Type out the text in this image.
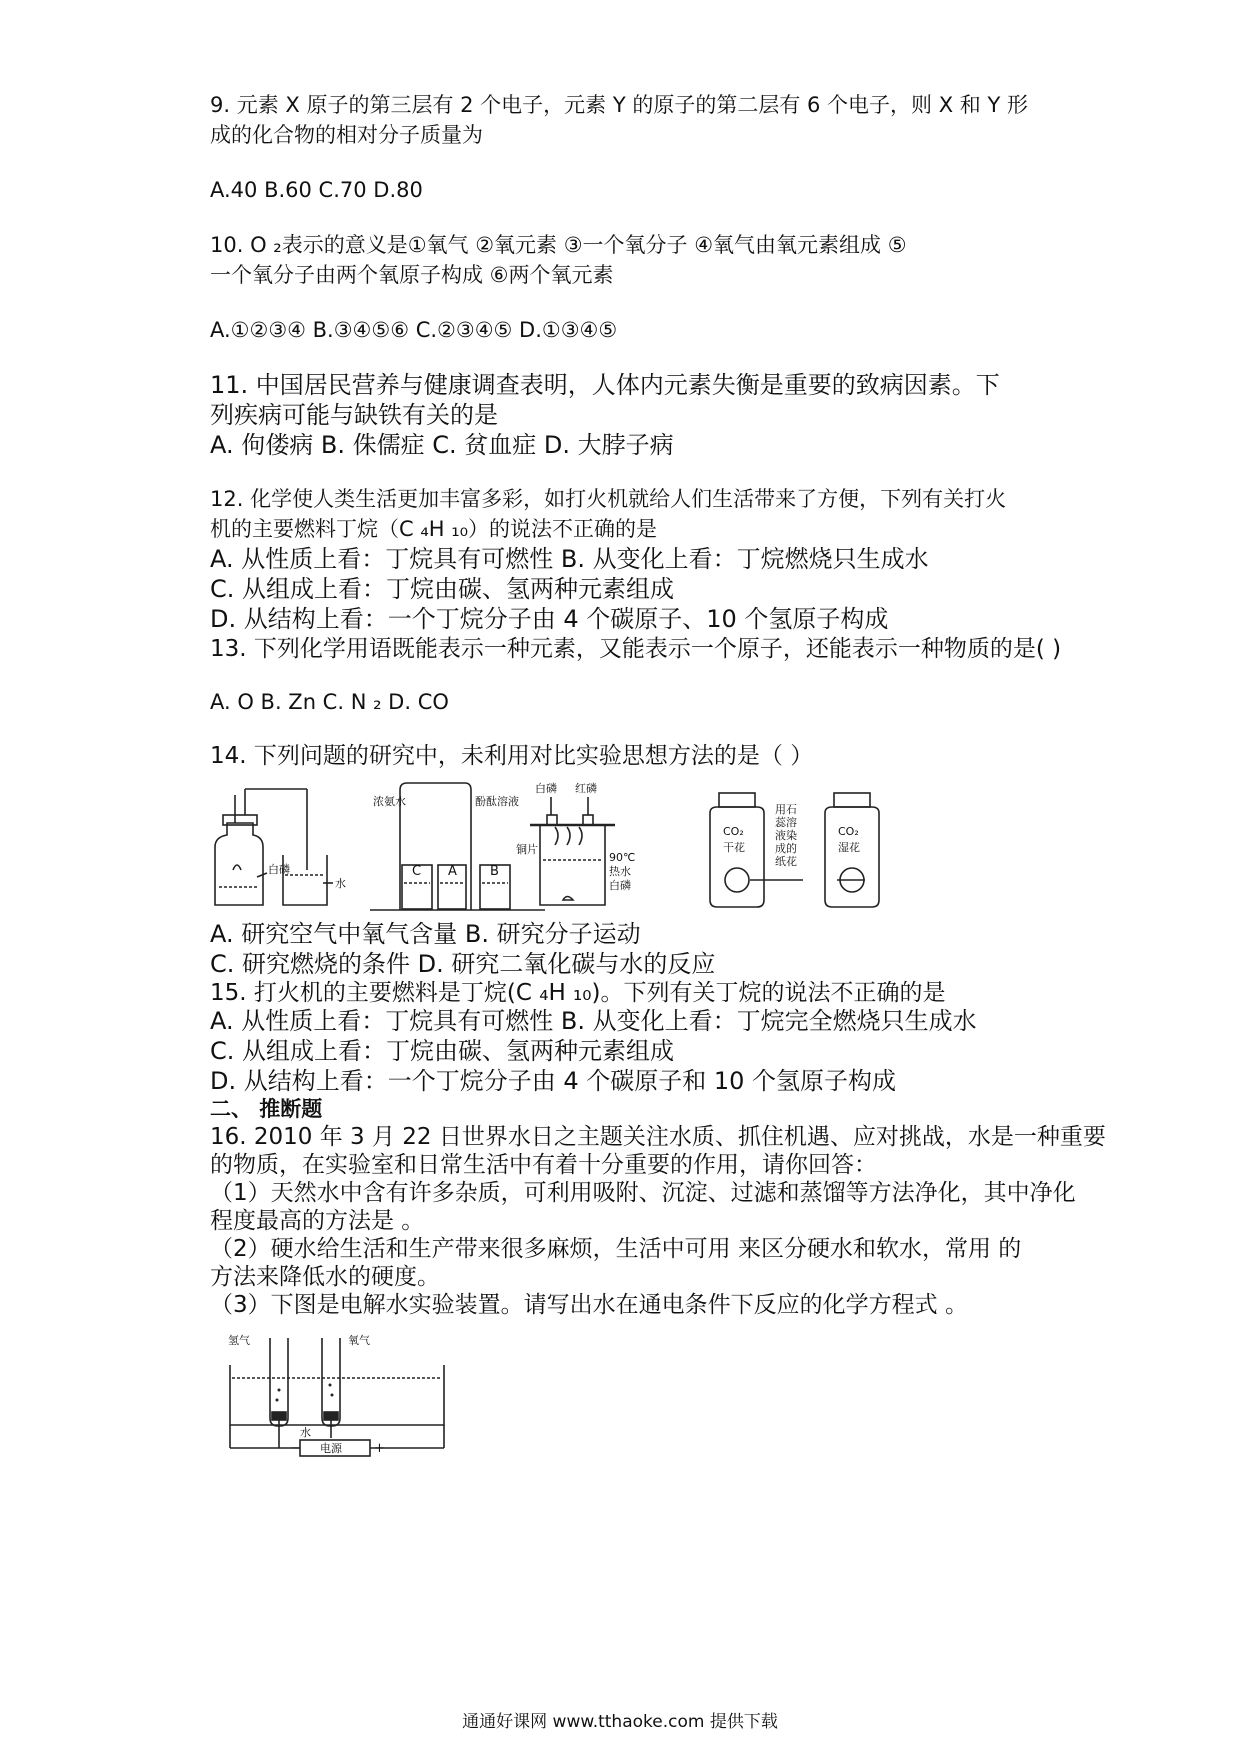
9. 元素 X 原子的第三层有 2 个电子，元素 Y 的原子的第二层有 6 个电子，则 X 和 Y 形
成的化合物的相对分子质量为
A.40 B.60 C.70 D.80
10. O ₂表示的意义是①氧气 ②氧元素 ③一个氧分子 ④氧气由氧元素组成 ⑤
一个氧分子由两个氧原子构成 ⑥两个氧元素
A.①②③④ B.③④⑤⑥ C.②③④⑤ D.①③④⑤
11. 中国居民营养与健康调查表明，人体内元素失衡是重要的致病因素。下
列疾病可能与缺铁有关的是
A. 佝偻病 B. 侏儒症 C. 贫血症 D. 大脖子病
12. 化学使人类生活更加丰富多彩，如打火机就给人们生活带来了方便，下列有关打火
机的主要燃料丁烷（C ₄H ₁₀）的说法不正确的是
A. 从性质上看：丁烷具有可燃性 B. 从变化上看：丁烷燃烧只生成水
C. 从组成上看：丁烷由碳、氢两种元素组成
D. 从结构上看：一个丁烷分子由 4 个碳原子、10 个氢原子构成
13. 下列化学用语既能表示一种元素，又能表示一个原子，还能表示一种物质的是( )
A. O B. Zn C. N ₂ D. CO
14. 下列问题的研究中，未利用对比实验思想方法的是（ ）
白磷
水
浓氨水	酚酞溶液
C A	B
白磷 红磷
铜片
90℃
热水
白磷
CO₂
干花
CO₂
湿花
用石蕊溶液染成的纸花
A. 研究空气中氧气含量 B. 研究分子运动
C. 研究燃烧的条件 D. 研究二氧化碳与水的反应
15. 打火机的主要燃料是丁烷(C ₄H ₁₀)。下列有关丁烷的说法不正确的是
A. 从性质上看：丁烷具有可燃性 B. 从变化上看：丁烷完全燃烧只生成水
C. 从组成上看：丁烷由碳、氢两种元素组成
D. 从结构上看：一个丁烷分子由 4 个碳原子和 10 个氢原子构成
二、 推断题
16. 2010 年 3 月 22 日世界水日之主题关注水质、抓住机遇、应对挑战，水是一种重要
的物质，在实验室和日常生活中有着十分重要的作用，请你回答：
（1）天然水中含有许多杂质，可利用吸附、沉淀、过滤和蒸馏等方法净化，其中净化
程度最高的方法是 。
（2）硬水给生活和生产带来很多麻烦，生活中可用 来区分硬水和软水，常用 的
方法来降低水的硬度。
（3）下图是电解水实验装置。请写出水在通电条件下反应的化学方程式 。
氢气	氧气
水
电源
−	+
通通好课网 www.tthaoke.com 提供下载
